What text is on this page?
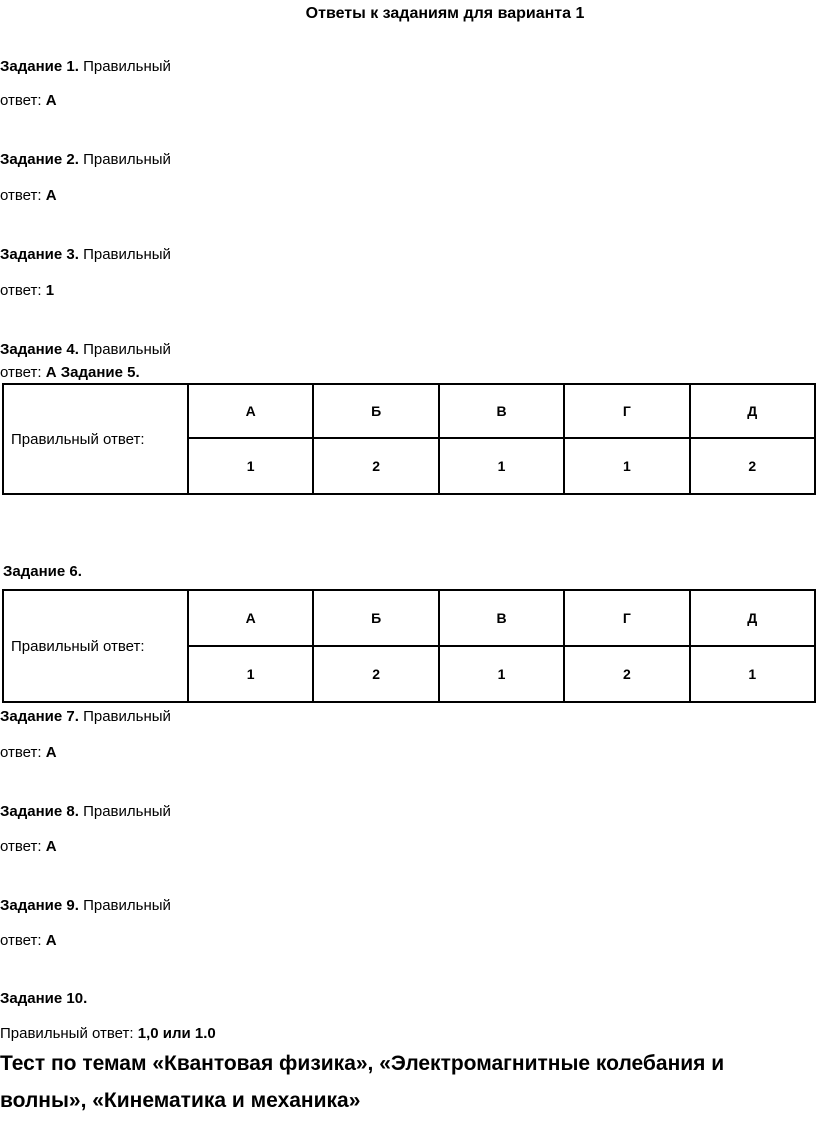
Ответы к заданиям для варианта 1
Задание 1. Правильный
ответ: А
Задание 2. Правильный
ответ: А
Задание 3. Правильный
ответ: 1
Задание 4. Правильный
ответ: А Задание 5.
Правильный ответ:	А	Б	В	Г	Д
	1	2	1	1	2
Задание 6.
Правильный ответ:	А	Б	В	Г	Д
	1	2	1	2	1
Задание 7. Правильный
ответ: А
Задание 8. Правильный
ответ: А
Задание 9. Правильный
ответ: А
Задание 10.
Правильный ответ: 1,0 или 1.0
Тест по темам «Квантовая физика», «Электромагнитные колебания и
волны», «Кинематика и механика»
